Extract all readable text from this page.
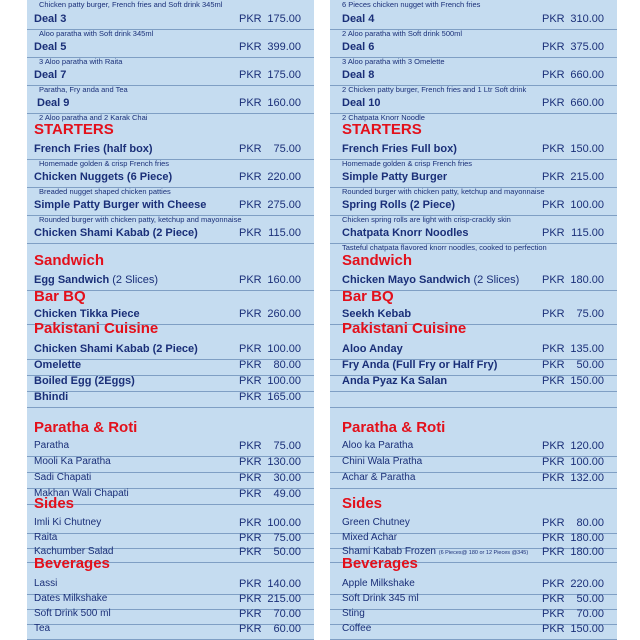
Chicken patty burger, French fries and Soft drink 345ml
Deal 3	PKR 175.00
Aloo paratha with Soft drink 345ml
Deal 5	PKR 399.00
3 Aloo paratha with Raita
Deal 7	PKR 175.00
Paratha, Fry anda and Tea
Deal 9	PKR 160.00
2 Aloo paratha and 2 Karak Chai
STARTERS
French Fries (half box)	PKR 75.00
Homemade golden & crisp French fries
Chicken Nuggets (6 Piece)	PKR 220.00
Breaded nugget shaped chicken patties
Simple Patty Burger with Cheese	PKR 275.00
Rounded burger with chicken patty, ketchup and mayonnaise
Chicken Shami Kabab (2 Piece)	PKR 115.00
Sandwich
Egg Sandwich (2 Slices)	PKR 160.00
Bar BQ
Chicken Tikka Piece	PKR 260.00
Pakistani Cuisine
Chicken Shami Kabab (2 Piece)	PKR 100.00
Omelette	PKR 80.00
Boiled Egg (2Eggs)	PKR 100.00
Bhindi	PKR 165.00
Paratha & Roti
Paratha	PKR 75.00
Mooli Ka Paratha	PKR 130.00
Sadi Chapati	PKR 30.00
Makhan Wali Chapati	PKR 49.00
Sides
Imli Ki Chutney	PKR 100.00
Raita	PKR 75.00
Kachumber Salad	PKR 50.00
Beverages
Lassi	PKR 140.00
Dates Milkshake	PKR 215.00
Soft Drink 500 ml	PKR 70.00
Tea	PKR 60.00
6 Pieces chicken nugget with French fries
Deal 4	PKR 310.00
2 Aloo paratha with Soft drink 500ml
Deal 6	PKR 375.00
3 Aloo paratha with 3 Omelette
Deal 8	PKR 660.00
2 Chicken patty burger, French fries and 1 Ltr Soft drink
Deal 10	PKR 660.00
2 Chatpata Knorr Noodle
STARTERS
French Fries Full box)	PKR 150.00
Homemade golden & crisp French fries
Simple Patty Burger	PKR 215.00
Rounded burger with chicken patty, ketchup and mayonnaise
Spring Rolls (2 Piece)	PKR 100.00
Chicken spring rolls are light with crisp-crackly skin
Chatpata Knorr Noodles	PKR 115.00
Tasteful chatpata flavored knorr noodles, cooked to perfection
Sandwich
Chicken Mayo Sandwich (2 Slices) PKR 180.00
Bar BQ
Seekh Kebab	PKR 75.00
Pakistani Cuisine
Aloo Anday	PKR 135.00
Fry Anda (Full Fry or Half Fry)	PKR 50.00
Anda Pyaz Ka Salan	PKR 150.00
Paratha & Roti
Aloo ka Paratha	PKR 120.00
Chini Wala Pratha	PKR 100.00
Achar & Paratha	PKR 132.00
Sides
Green Chutney	PKR 80.00
Mixed Achar	PKR 180.00
Shami Kabab Frozen (6 Pieces@ 180 or 12 Pieces @345) PKR 180.00
Beverages
Apple Milkshake	PKR 220.00
Soft Drink 345 ml	PKR 50.00
Sting	PKR 70.00
Coffee	PKR 150.00
